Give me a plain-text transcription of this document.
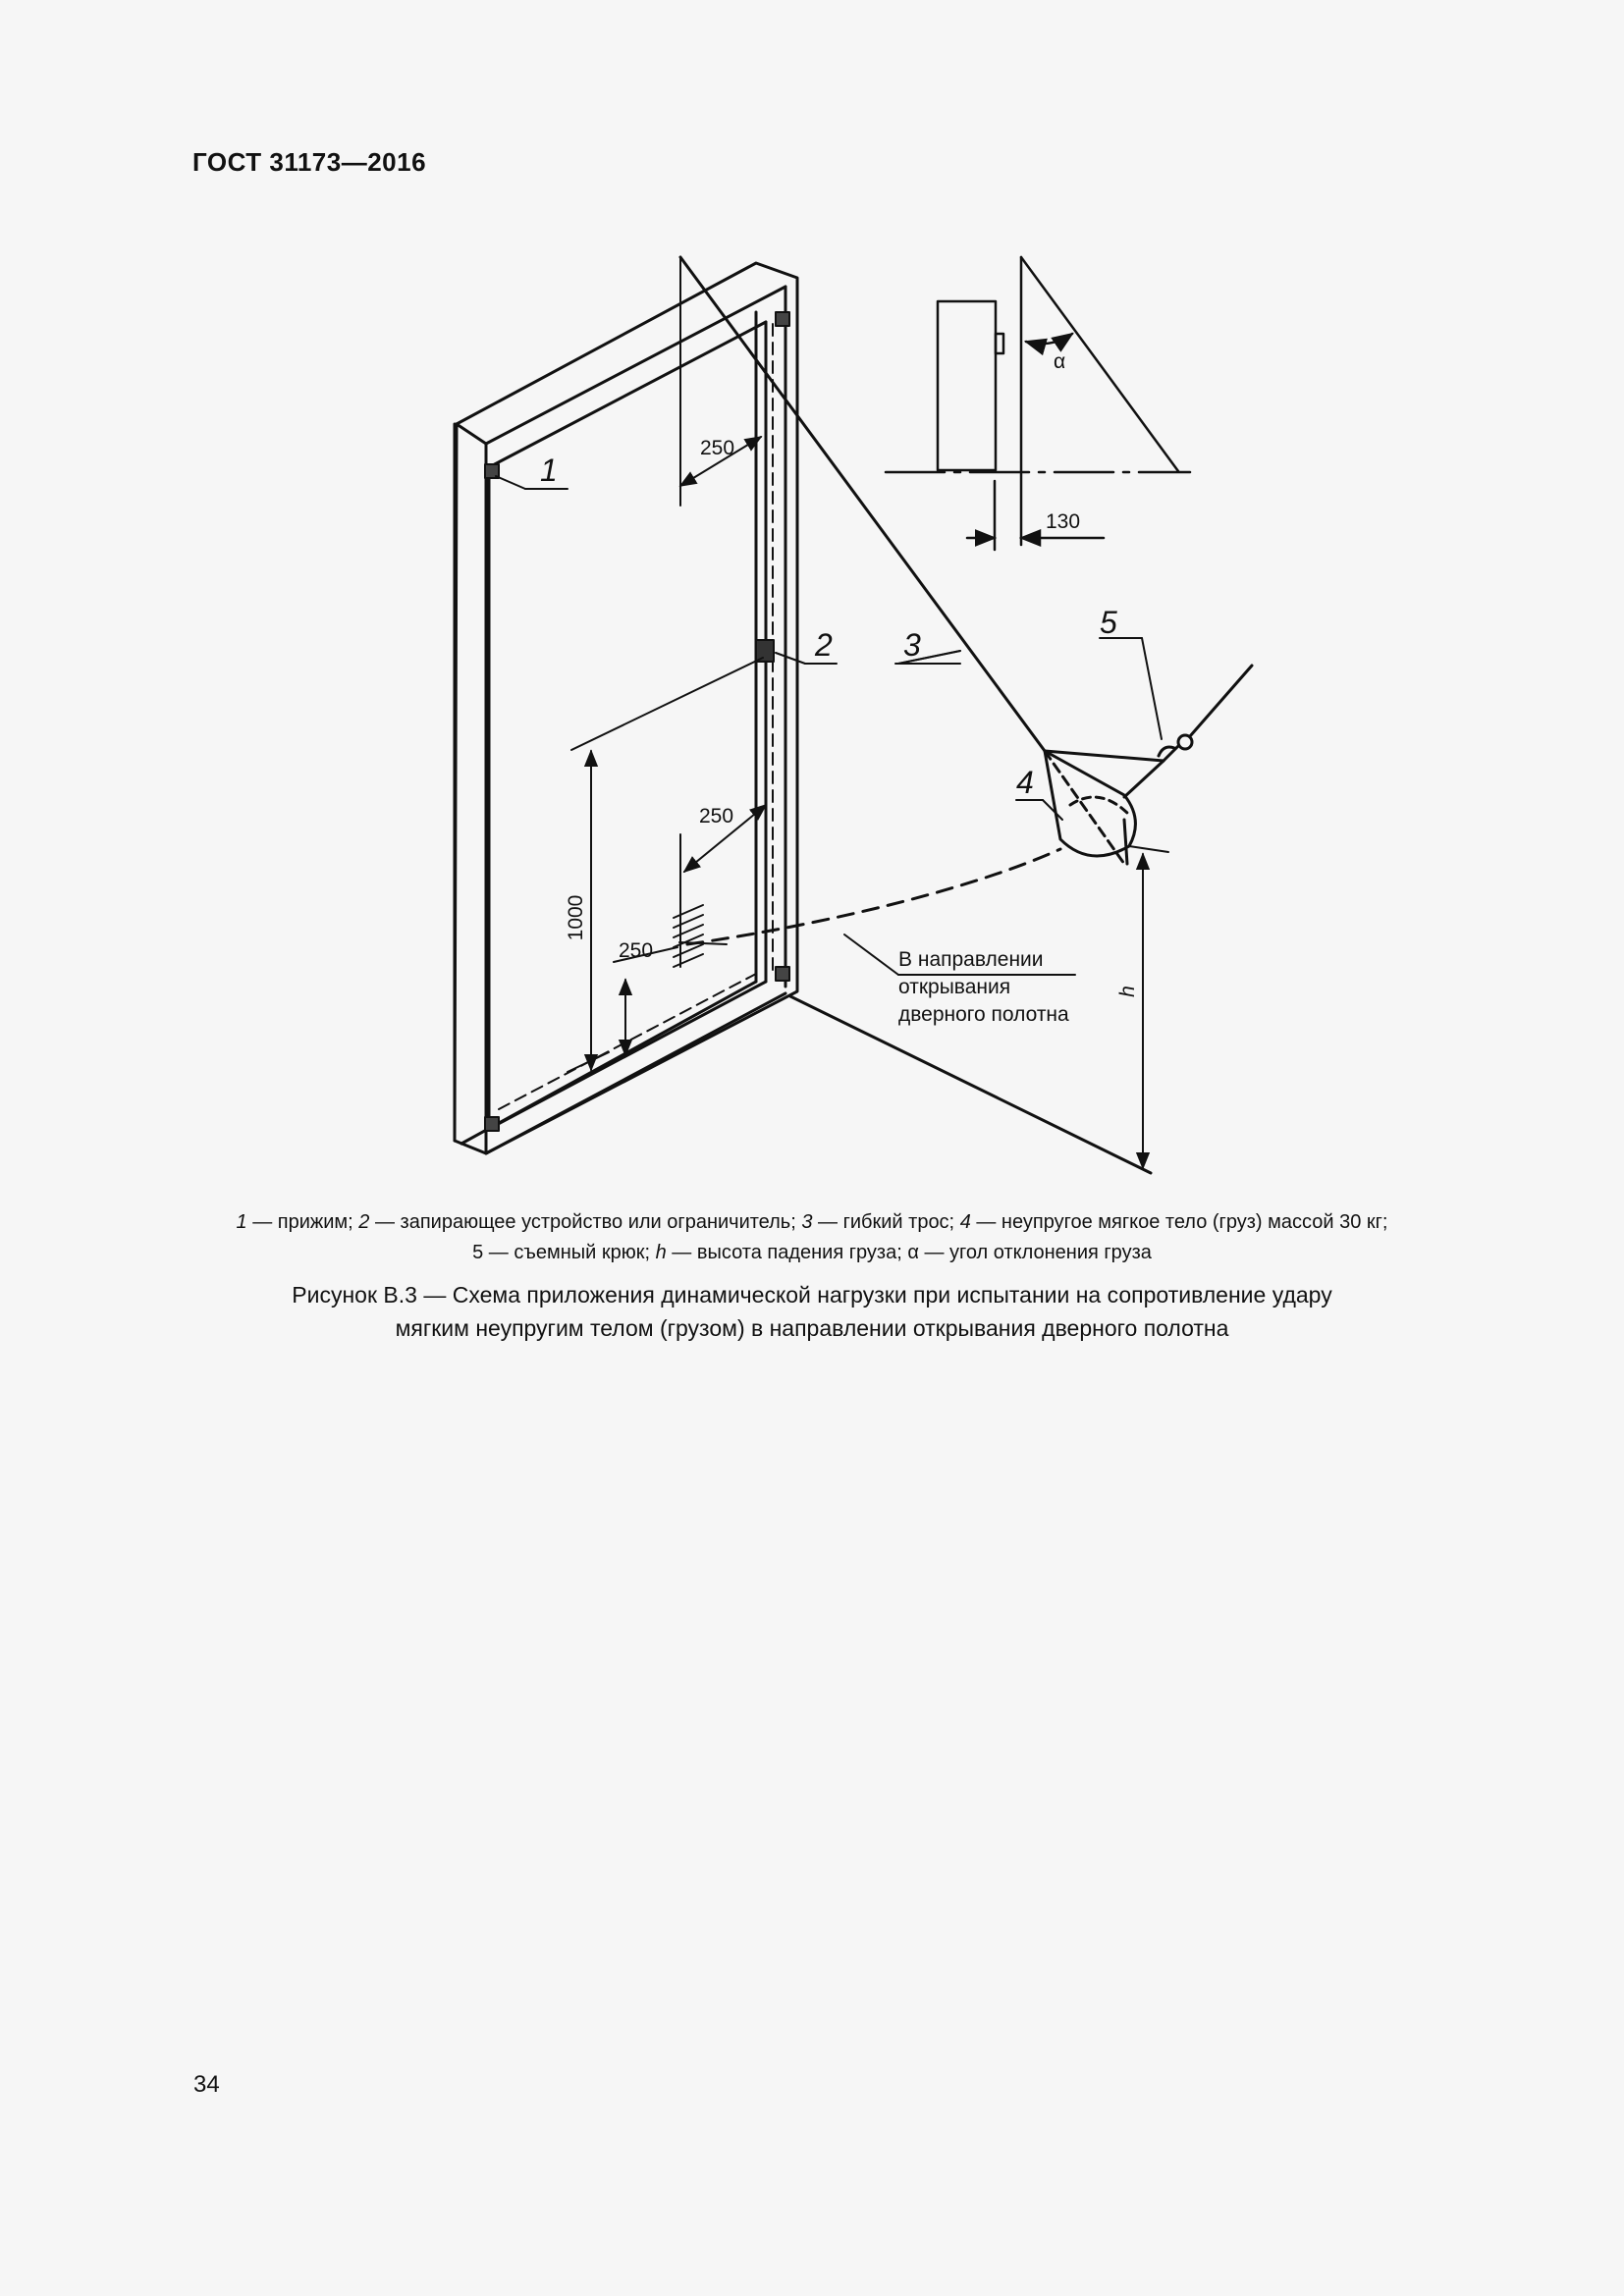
ГОСТ 31173—2016
250
250
250
1000
130
h
α
1
2 3
4
5
В направлении
открывания
дверного полотна
1 — прижим; 2 — запирающее устройство или ограничитель; 3 — гибкий трос; 4 — неупругое мягкое тело (груз) массой 30 кг;
5 — съемный крюк; h — высота падения груза; α — угол отклонения груза
Рисунок В.3 — Схема приложения динамической нагрузки при испытании на сопротивление удару
мягким неупругим телом (грузом) в направлении открывания дверного полотна
34
